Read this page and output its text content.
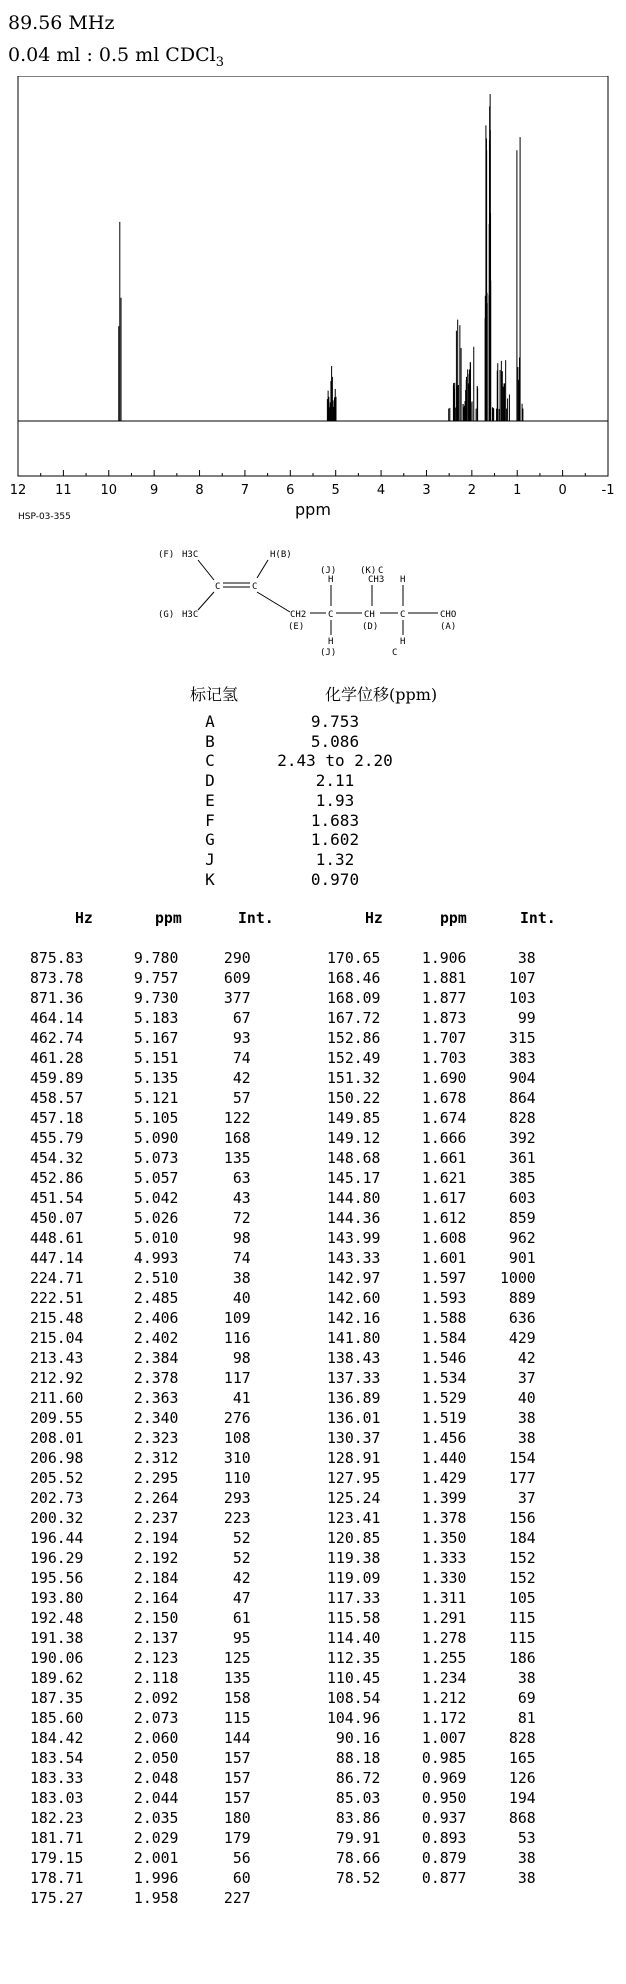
89.56 MHz
0.04 ml : 0.5 ml CDCl$_3$
12 11 10	9	8	7	6	5	4	3	2	1	0	-1
ppm
HSP-03-355
(F) H3C
(G) H3C
C	C
H(B)
CH2
(E)
(J)
H
C
H
(J)
(K) C
CH3
CH
(D)
H
C
H
C
CHO
(A)
标记氢	化学位移(ppm)
A	9.753
B	5.086
C	2.43 to 2.20
D	2.11
E	1.93
F	1.683
G	1.602
J	1.32
K	0.970
Hz	ppm	Int.	Hz	ppm	Int.
875.83	9.780 290
873.78	9.757 609
871.36	9.730 377
464.14	5.183 67
462.74	5.167 93
461.28	5.151 74
459.89	5.135 42
458.57	5.121 57
457.18	5.105 122
455.79	5.090 168
454.32	5.073 135
452.86	5.057 63
451.54	5.042 43
450.07	5.026 72
448.61	5.010 98
447.14	4.993 74
224.71	2.510 38
222.51	2.485 40
215.48	2.406 109
215.04	2.402 116
213.43	2.384 98
212.92	2.378 117
211.60	2.363 41
209.55	2.340 276
208.01	2.323 108
206.98	2.312 310
205.52	2.295 110
202.73	2.264 293
200.32	2.237 223
196.44	2.194 52
196.29	2.192 52
195.56	2.184 42
193.80	2.164 47
192.48	2.150 61
191.38	2.137 95
190.06	2.123 125
189.62	2.118 135
187.35	2.092 158
185.60	2.073 115
184.42	2.060 144
183.54	2.050 157
183.33	2.048 157
183.03	2.044 157
182.23	2.035 180
181.71	2.029 179
179.15	2.001 56
178.71	1.996 60
175.27	1.958 227
170.65 1.906 38
168.46 1.881 107
168.09 1.877 103
167.72 1.873 99
152.86 1.707 315
152.49 1.703 383
151.32 1.690 904
150.22 1.678 864
149.85 1.674 828
149.12 1.666 392
148.68 1.661 361
145.17 1.621 385
144.80 1.617 603
144.36 1.612 859
143.99 1.608 962
143.33 1.601 901
142.97 1.597 1000
142.60 1.593 889
142.16 1.588 636
141.80 1.584 429
138.43 1.546 42
137.33 1.534 37
136.89 1.529 40
136.01 1.519 38
130.37 1.456 38
128.91 1.440 154
127.95 1.429 177
125.24 1.399 37
123.41 1.378 156
120.85 1.350 184
119.38 1.333 152
119.09 1.330 152
117.33 1.311 105
115.58 1.291 115
114.40 1.278 115
112.35 1.255 186
110.45 1.234 38
108.54 1.212 69
104.96 1.172 81
90.16 1.007 828
88.18 0.985 165
86.72 0.969 126
85.03 0.950 194
83.86 0.937 868
79.91 0.893 53
78.66 0.879 38
78.52 0.877 38
